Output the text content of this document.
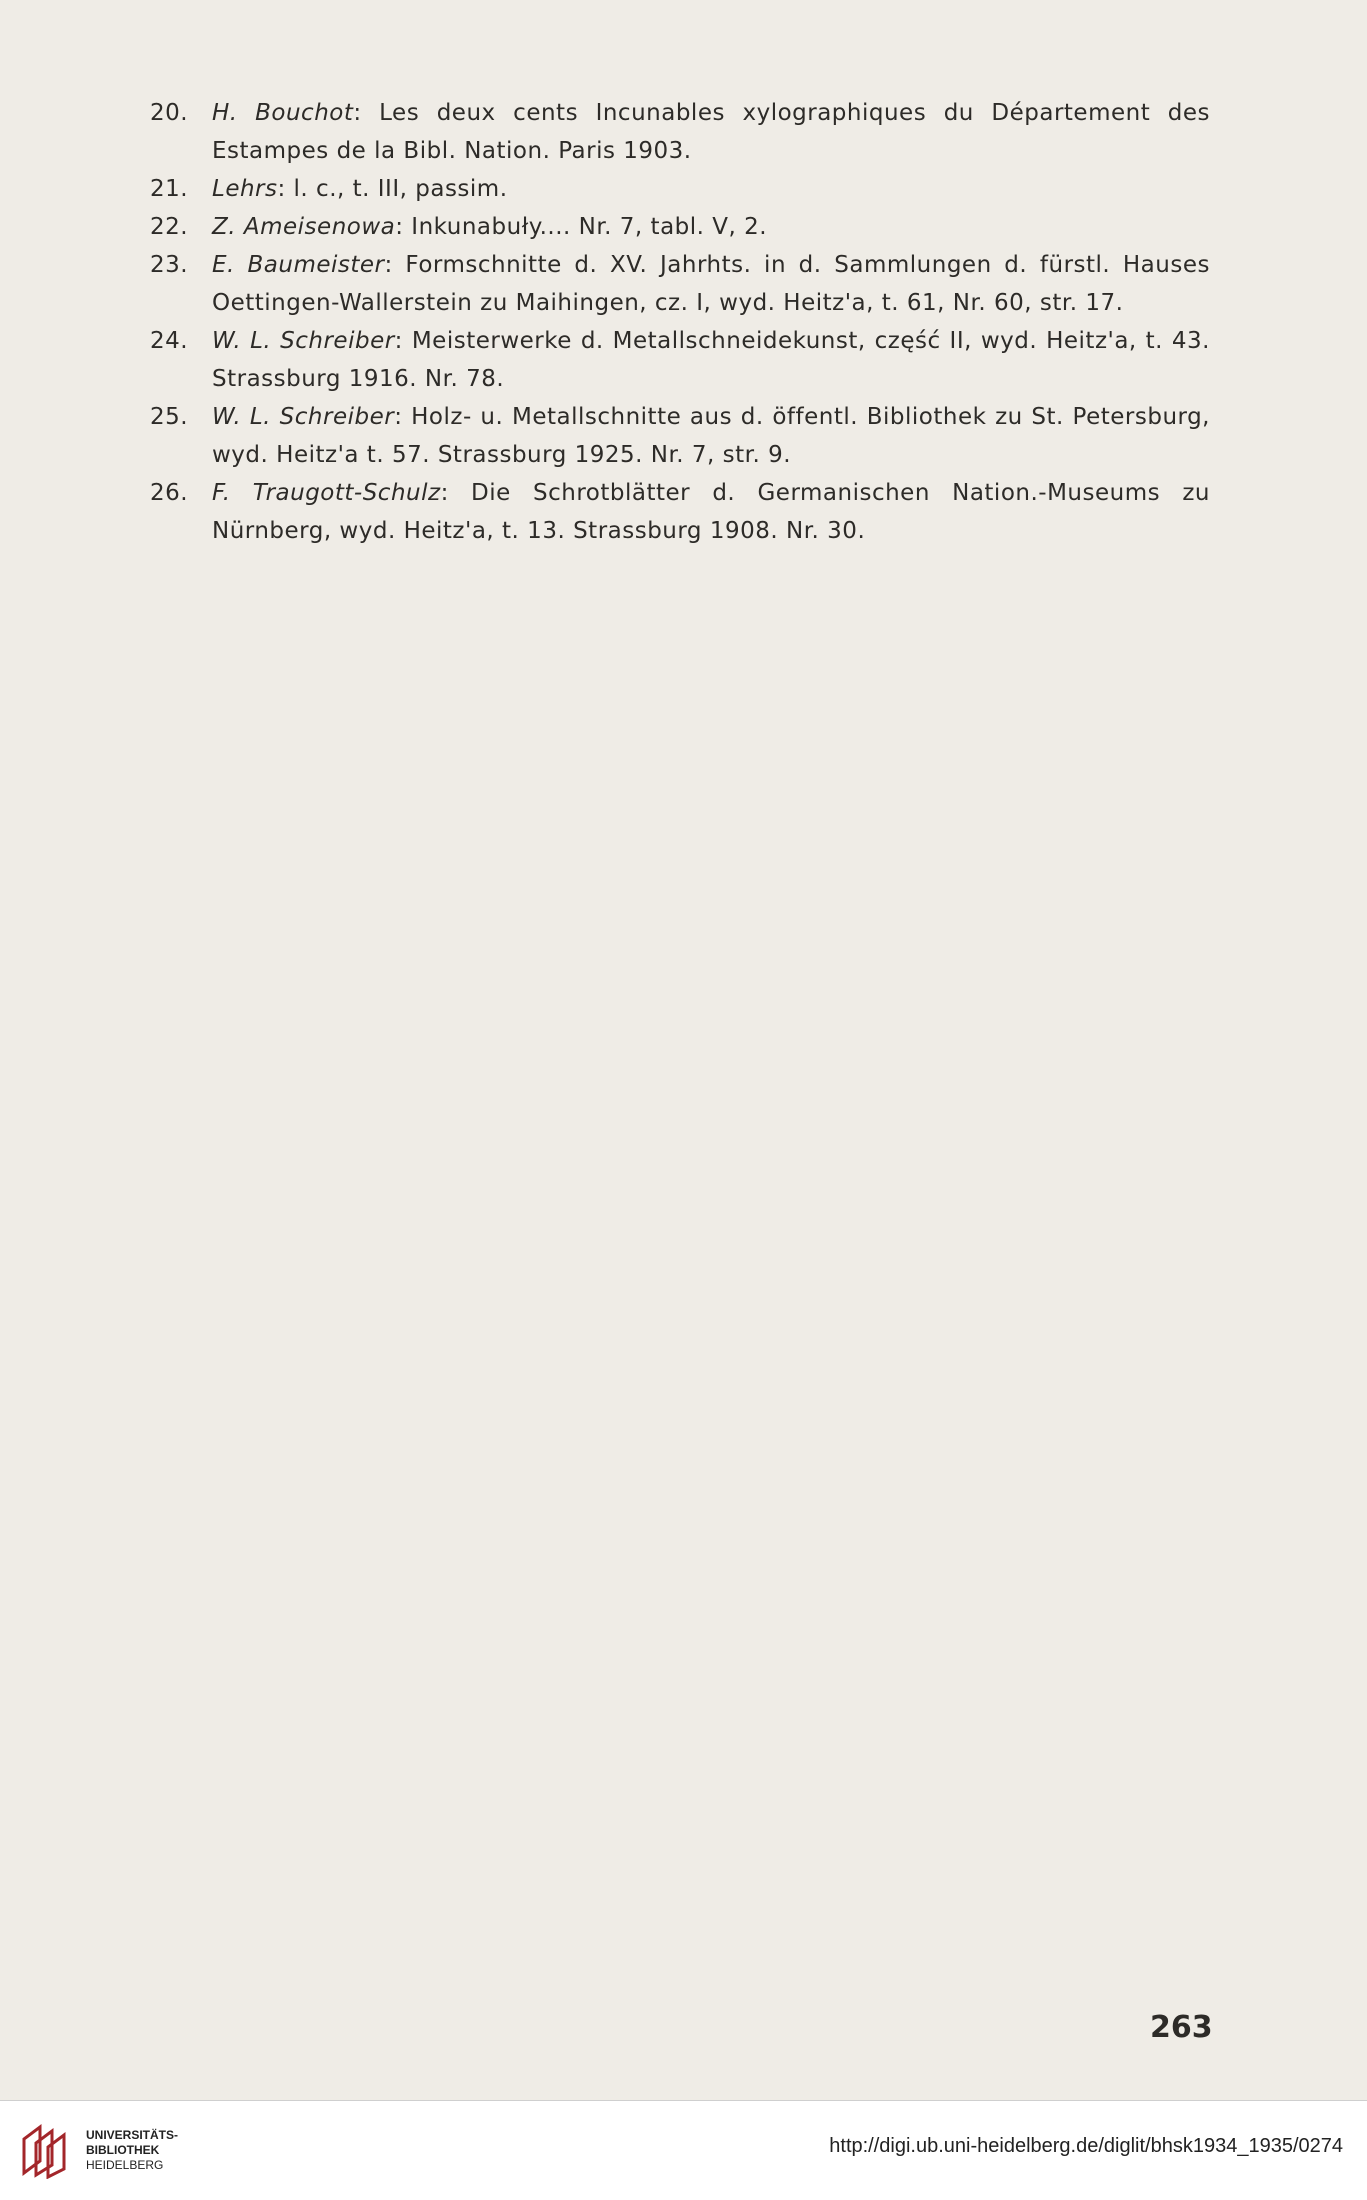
20.	H. Bouchot: Les deux cents Incunables xylographiques du Département des Estampes de la Bibl. Nation. Paris 1903.
21.	Lehrs: l. c., t. III, passim.
22.	Z. Ameisenowa: Inkunabuły.... Nr. 7, tabl. V, 2.
23.	E. Baumeister: Formschnitte d. XV. Jahrhts. in d. Sammlungen d. fürstl. Hauses Oettingen-Wallerstein zu Maihingen, cz. I, wyd. Heitz'a, t. 61, Nr. 60, str. 17.
24.	W. L. Schreiber: Meisterwerke d. Metallschneidekunst, część II, wyd. Heitz'a, t. 43. Strassburg 1916. Nr. 78.
25.	W. L. Schreiber: Holz- u. Metallschnitte aus d. öffentl. Bibliothek zu St. Petersburg, wyd. Heitz'a t. 57. Strassburg 1925. Nr. 7, str. 9.
26.	F. Traugott-Schulz: Die Schrotblätter d. Germanischen Nation.-Museums zu Nürnberg, wyd. Heitz'a, t. 13. Strassburg 1908. Nr. 30.
263
UNIVERSITÄTS-
BIBLIOTHEK
HEIDELBERG
http://digi.ub.uni-heidelberg.de/diglit/bhsk1934_1935/0274
